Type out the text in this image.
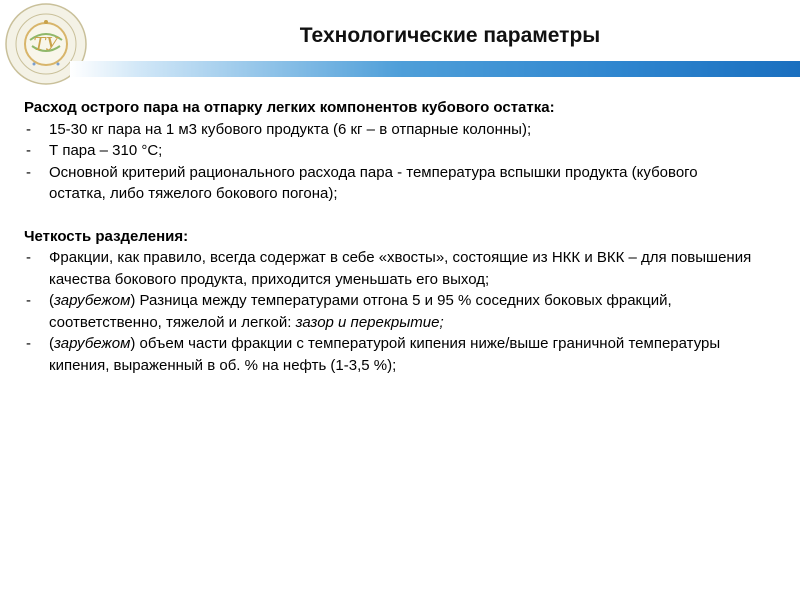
ТУ	Технологические параметры
Расход острого пара на отпарку легких компонентов кубового остатка:
- 15-30 кг пара на 1 м3 кубового продукта (6 кг – в отпарные колонны);
- Т пара – 310 °С;
- Основной критерий рационального расхода пара - температура вспышки продукта (кубового остатка, либо тяжелого бокового погона);
Четкость разделения:
- Фракции, как правило, всегда содержат в себе «хвосты», состоящие из НКК и ВКК – для повышения качества бокового продукта, приходится уменьшать его выход;
- (зарубежом) Разница между температурами отгона 5 и 95 % соседних боковых фракций, соответственно, тяжелой и легкой: зазор и перекрытие;
- (зарубежом) объем части фракции с температурой кипения ниже/выше граничной температуры кипения, выраженный в об. % на нефть (1-3,5 %);
